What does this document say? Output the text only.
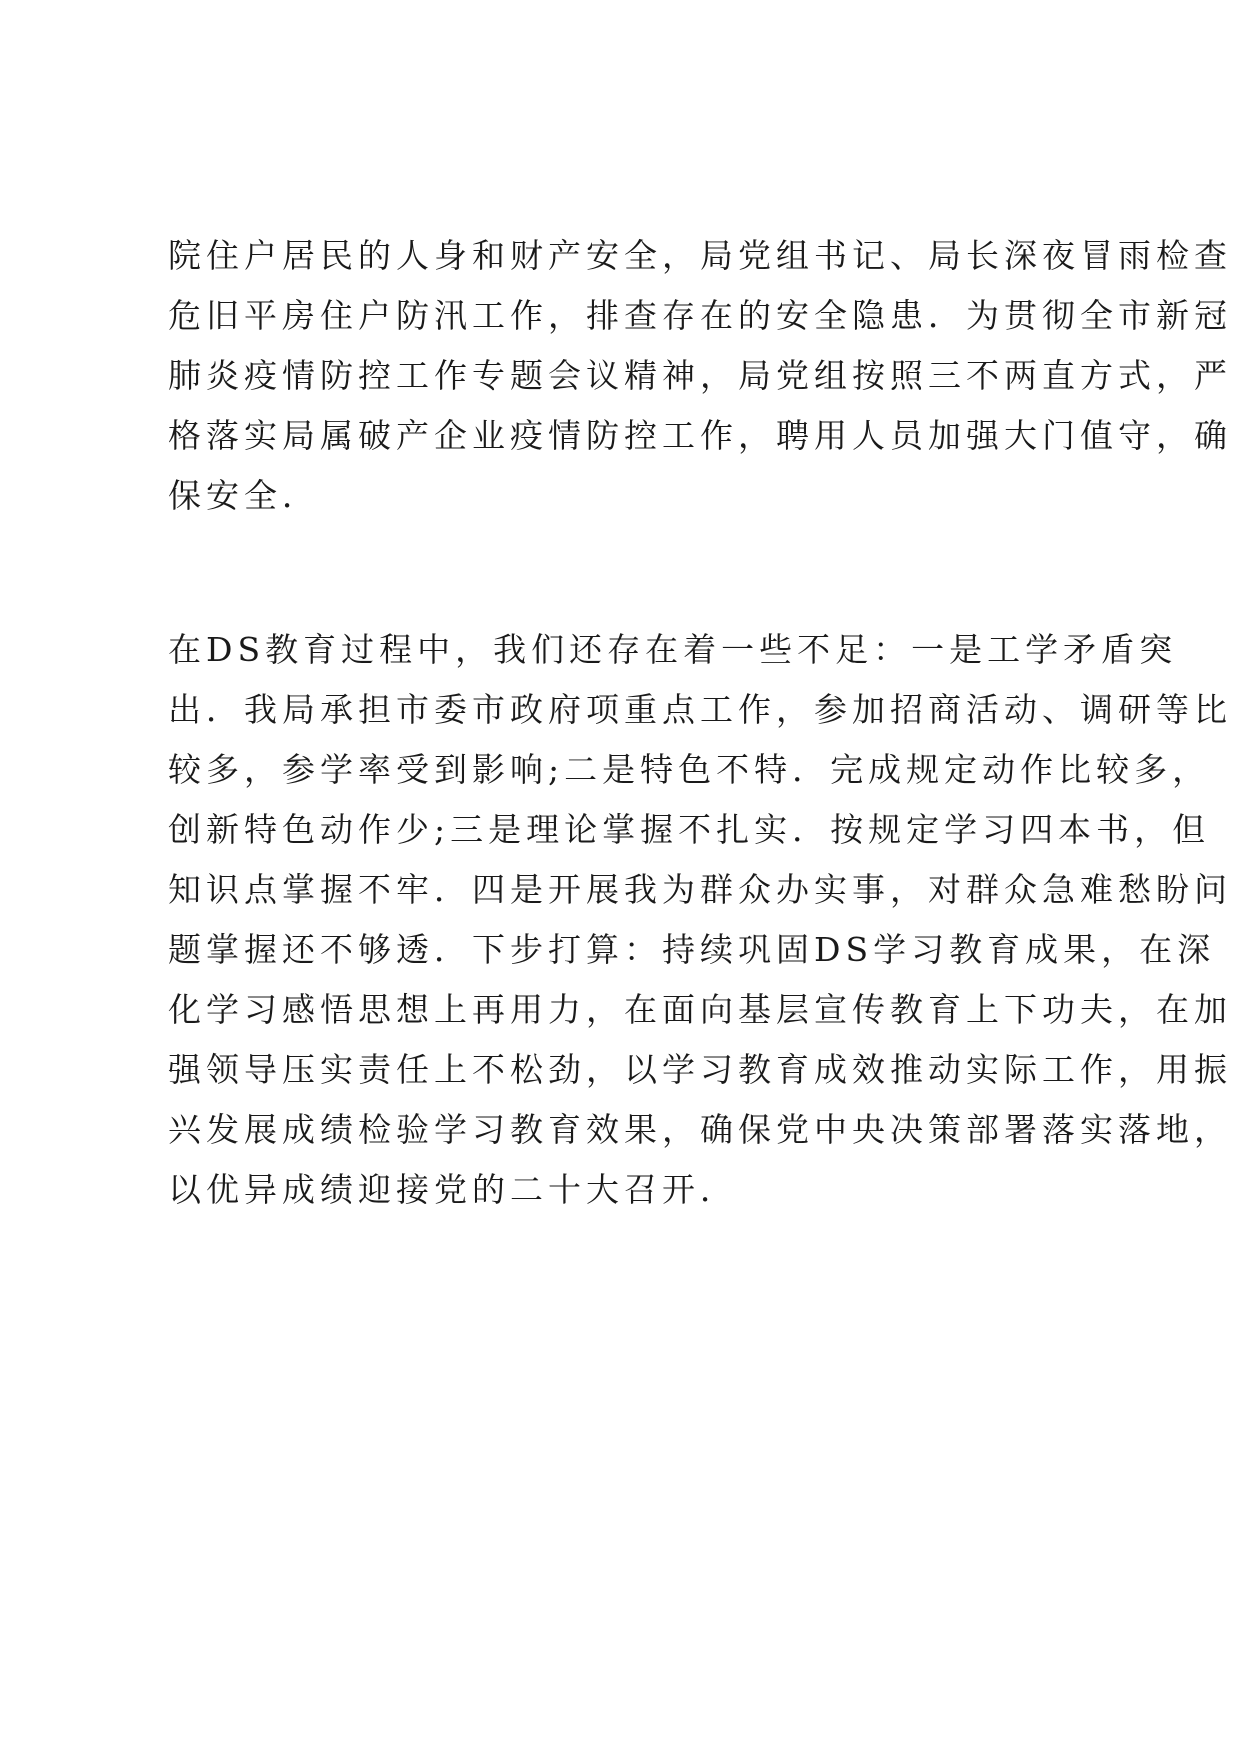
院住户居民的人身和财产安全，局党组书记、局长深夜冒雨检查
危旧平房住户防汛工作，排查存在的安全隐患．为贯彻全市新冠
肺炎疫情防控工作专题会议精神，局党组按照三不两直方式，严
格落实局属破产企业疫情防控工作，聘用人员加强大门值守，确
保安全．
在DS教育过程中，我们还存在着一些不足：一是工学矛盾突
出．我局承担市委市政府项重点工作，参加招商活动、调研等比
较多，参学率受到影响;二是特色不特．完成规定动作比较多，
创新特色动作少;三是理论掌握不扎实．按规定学习四本书，但
知识点掌握不牢．四是开展我为群众办实事，对群众急难愁盼问
题掌握还不够透．下步打算：持续巩固DS学习教育成果，在深
化学习感悟思想上再用力，在面向基层宣传教育上下功夫，在加
强领导压实责任上不松劲，以学习教育成效推动实际工作，用振
兴发展成绩检验学习教育效果，确保党中央决策部署落实落地，
以优异成绩迎接党的二十大召开．
